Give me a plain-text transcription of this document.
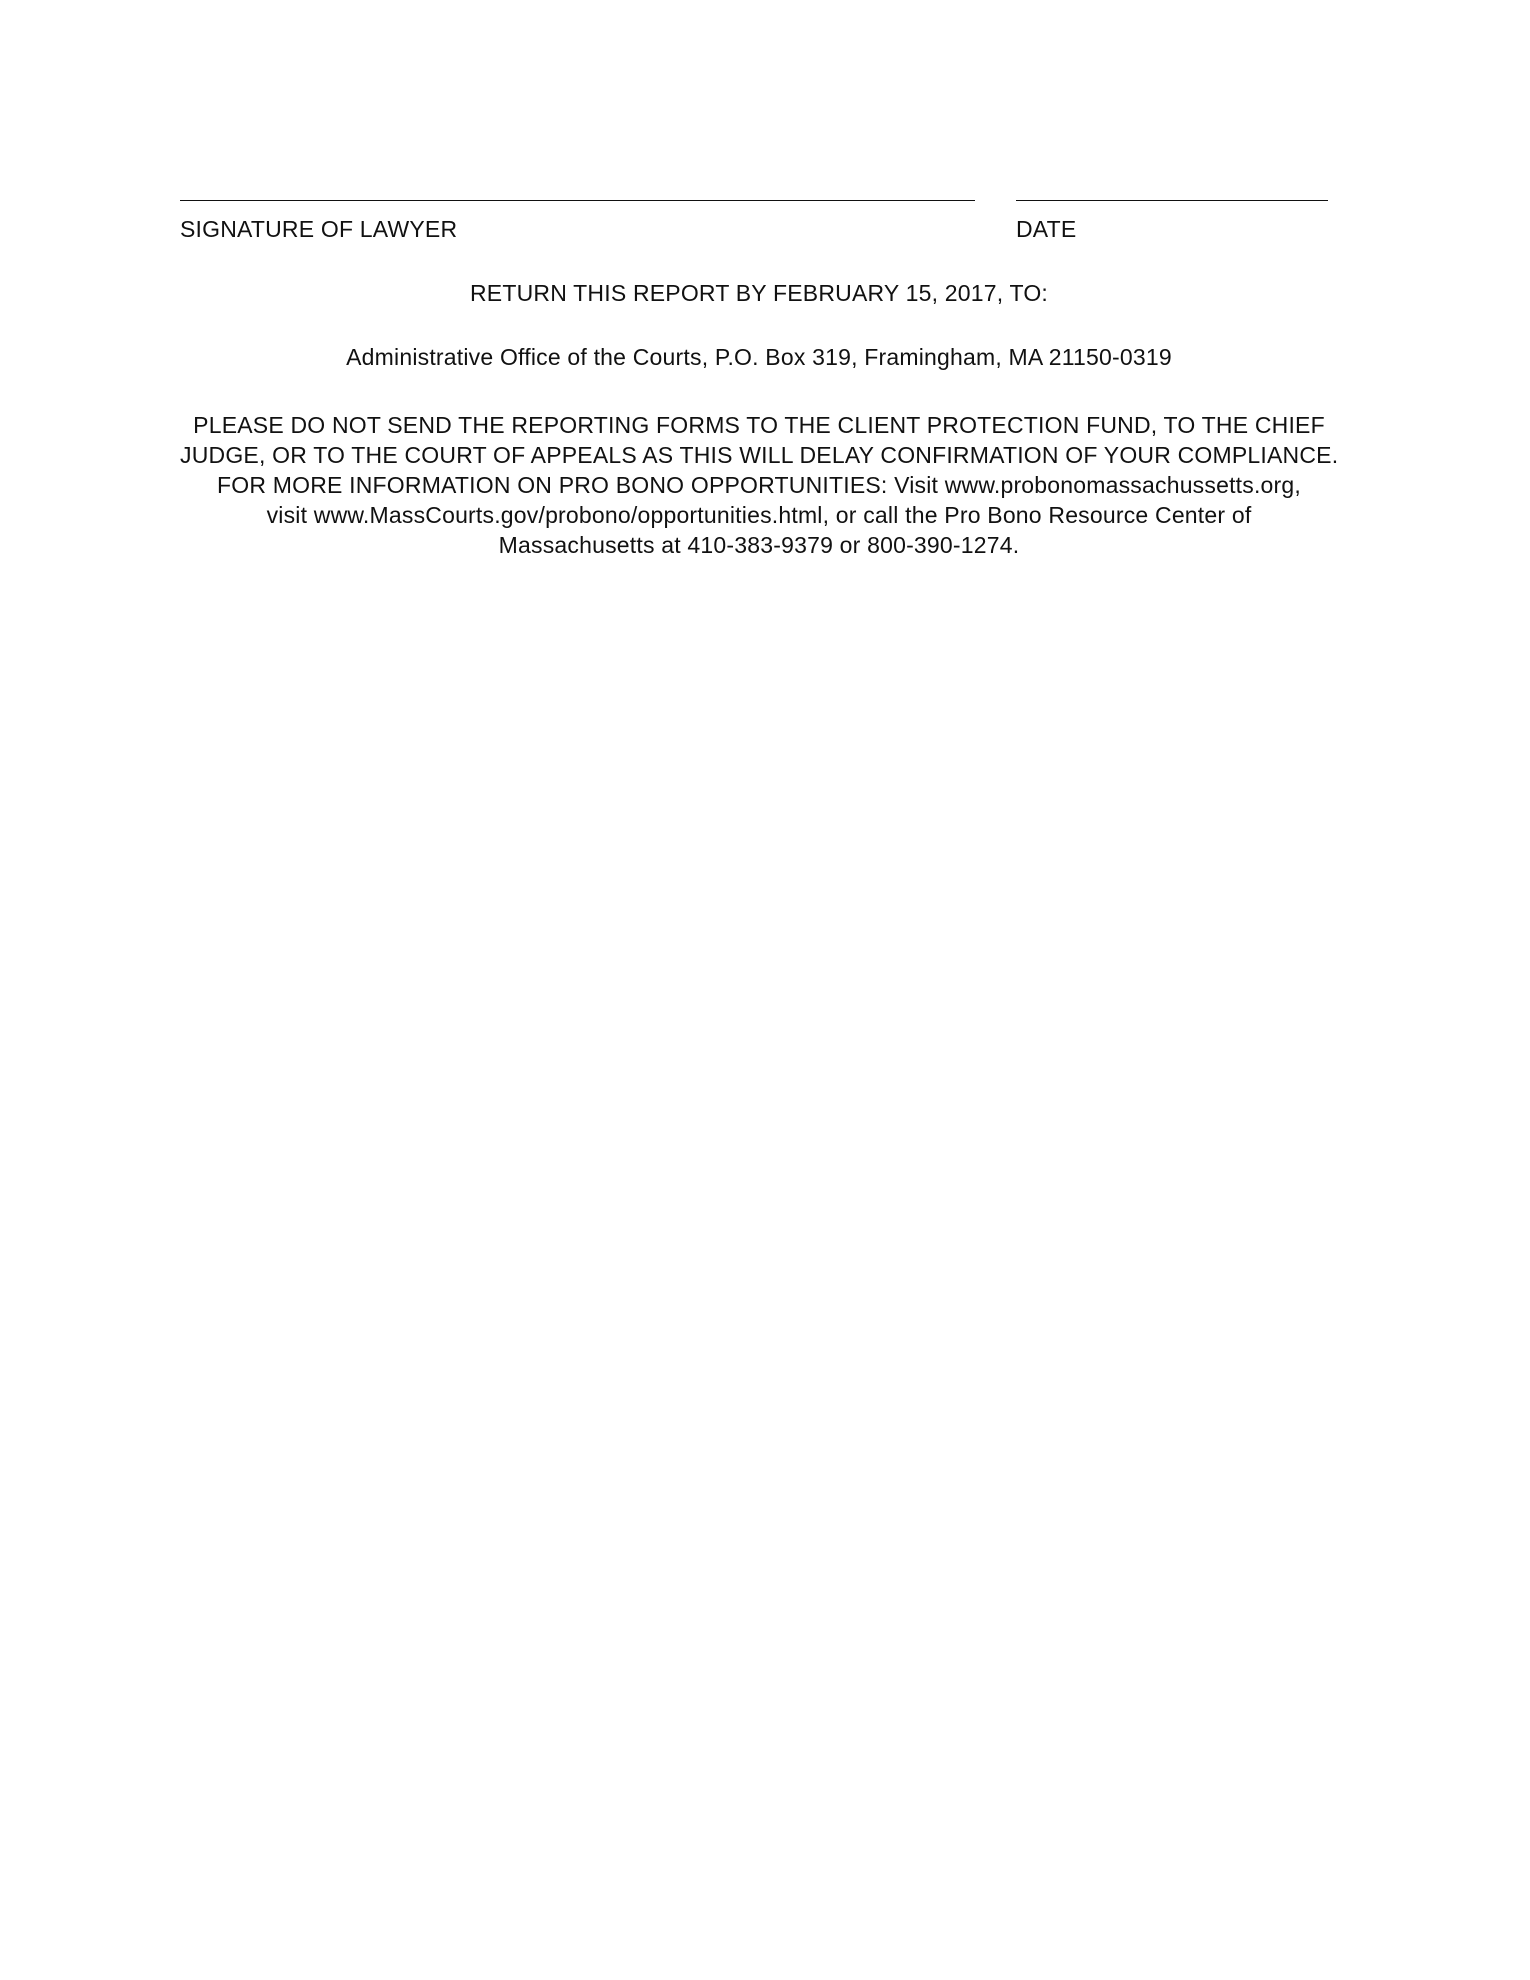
SIGNATURE OF LAWYER	DATE
RETURN THIS REPORT BY FEBRUARY 15, 2017, TO:
Administrative Office of the Courts, P.O. Box 319, Framingham, MA 21150-0319
PLEASE DO NOT SEND THE REPORTING FORMS TO THE CLIENT PROTECTION FUND, TO THE CHIEF
JUDGE, OR TO THE COURT OF APPEALS AS THIS WILL DELAY CONFIRMATION OF YOUR COMPLIANCE.
FOR MORE INFORMATION ON PRO BONO OPPORTUNITIES: Visit www.probonomassachussetts.org,
visit www.MassCourts.gov/probono/opportunities.html, or call the Pro Bono Resource Center of
Massachusetts at 410-383-9379 or 800-390-1274.
